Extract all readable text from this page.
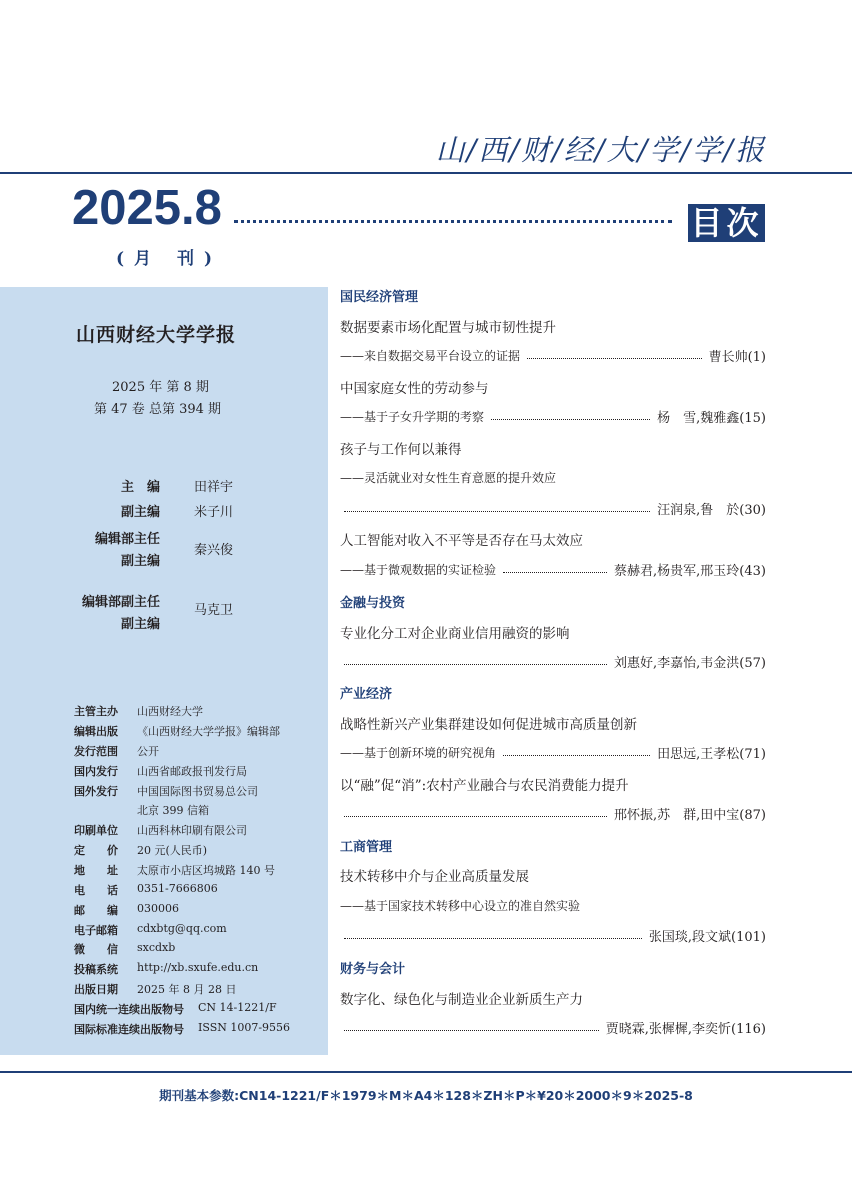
山/西/财/经/大/学/学/报
2025.8	目次
(月 刊)
山西财经大学学报
2025 年 第 8 期
第 47 卷 总第 394 期
主　编	田祥宇
副主编	米子川
编辑部主任
副主编
秦兴俊
编辑部副主任
副主编
马克卫
主管主办 山西财经大学
编辑出版 《山西财经大学学报》编辑部
发行范围 公开
国内发行 山西省邮政报刊发行局
国外发行 中国国际图书贸易总公司
北京 399 信箱
印刷单位 山西科林印刷有限公司
定　　价 20 元(人民币)
地　　址 太原市小店区坞城路 140 号
电　　话 0351-7666806
邮　　编 030006
电子邮箱 cdxbtg@qq.com
微　　信 sxcdxb
投稿系统 http://xb.sxufe.edu.cn
出版日期 2025 年 8 月 28 日
国内统一连续出版物号 CN 14-1221/F
国际标准连续出版物号 ISSN 1007-9556
国民经济管理
数据要素市场化配置与城市韧性提升
——来自数据交易平台设立的证据	曹长帅(1)
中国家庭女性的劳动参与
——基于子女升学期的考察	杨　雪,魏雅鑫(15)
孩子与工作何以兼得
——灵活就业对女性生育意愿的提升效应
汪润泉,鲁　於(30)
人工智能对收入不平等是否存在马太效应
——基于微观数据的实证检验	蔡赫君,杨贵军,邢玉玲(43)
金融与投资
专业化分工对企业商业信用融资的影响
刘惠好,李嘉怡,韦金洪(57)
产业经济
战略性新兴产业集群建设如何促进城市高质量创新
——基于创新环境的研究视角	田思远,王孝松(71)
以“融”促“消”:农村产业融合与农民消费能力提升
邢怀振,苏　群,田中宝(87)
工商管理
技术转移中介与企业高质量发展
——基于国家技术转移中心设立的准自然实验
张国琰,段文斌(101)
财务与会计
数字化、绿色化与制造业企业新质生产力
贾晓霖,张樨樨,李奕忻(116)
期刊基本参数:CN14-1221/F＊1979＊M＊A4＊128＊ZH＊P＊¥20＊2000＊9＊2025-8
